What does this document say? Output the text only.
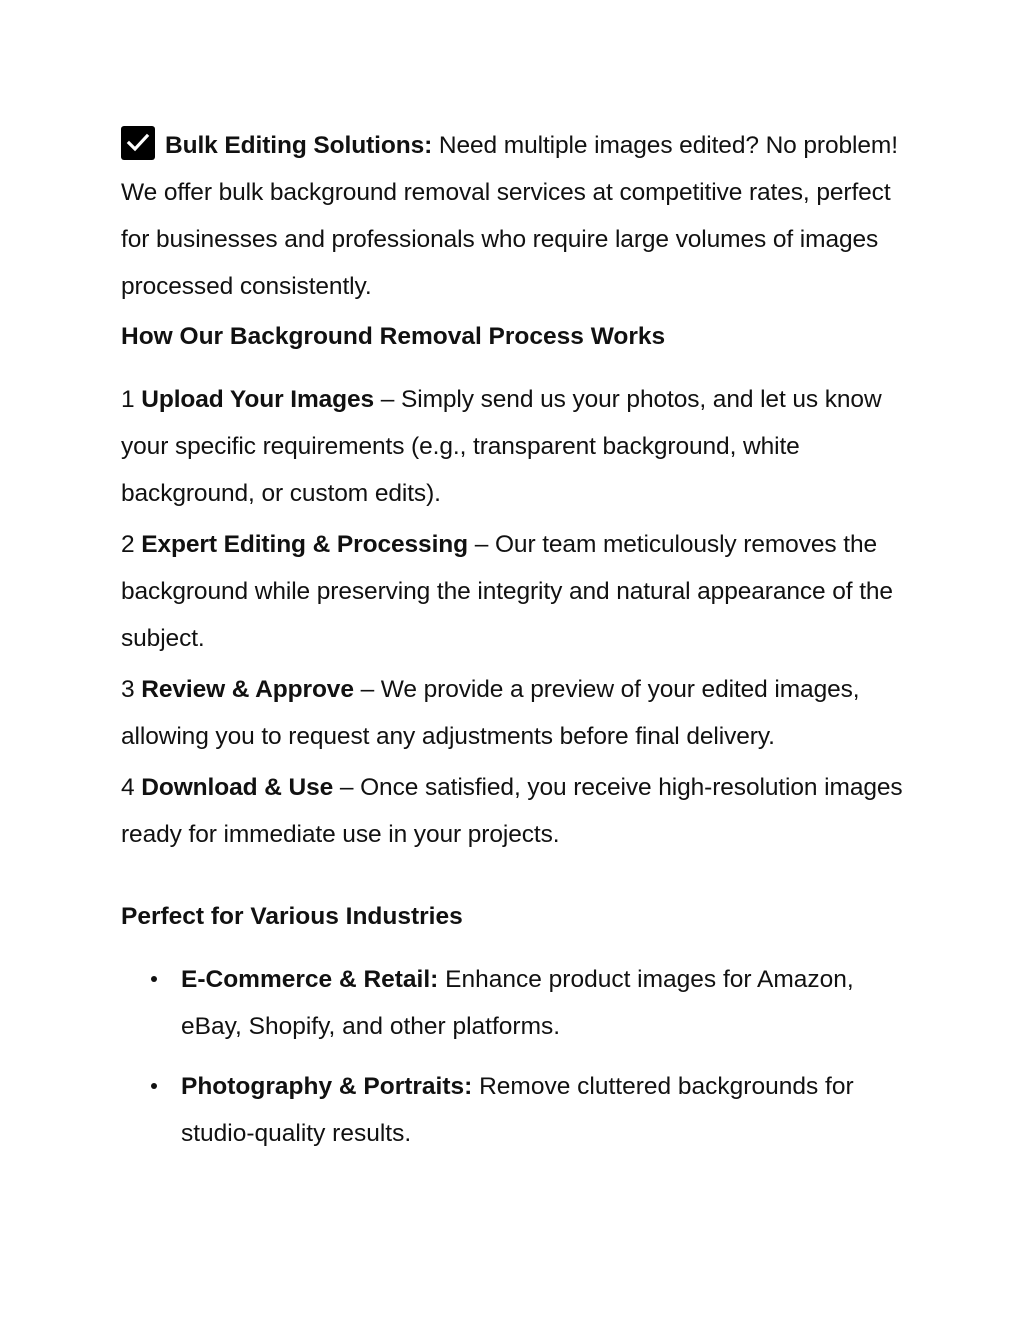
Bulk Editing Solutions: Need multiple images edited? No problem! We offer bulk background removal services at competitive rates, perfect for businesses and professionals who require large volumes of images processed consistently.

How Our Background Removal Process Works

1 Upload Your Images – Simply send us your photos, and let us know your specific requirements (e.g., transparent background, white background, or custom edits).

2 Expert Editing & Processing – Our team meticulously removes the background while preserving the integrity and natural appearance of the subject.

3 Review & Approve – We provide a preview of your edited images, allowing you to request any adjustments before final delivery.

4 Download & Use – Once satisfied, you receive high-resolution images ready for immediate use in your projects.

Perfect for Various Industries
E-Commerce & Retail: Enhance product images for Amazon, eBay, Shopify, and other platforms.
Photography & Portraits: Remove cluttered backgrounds for studio-quality results.
